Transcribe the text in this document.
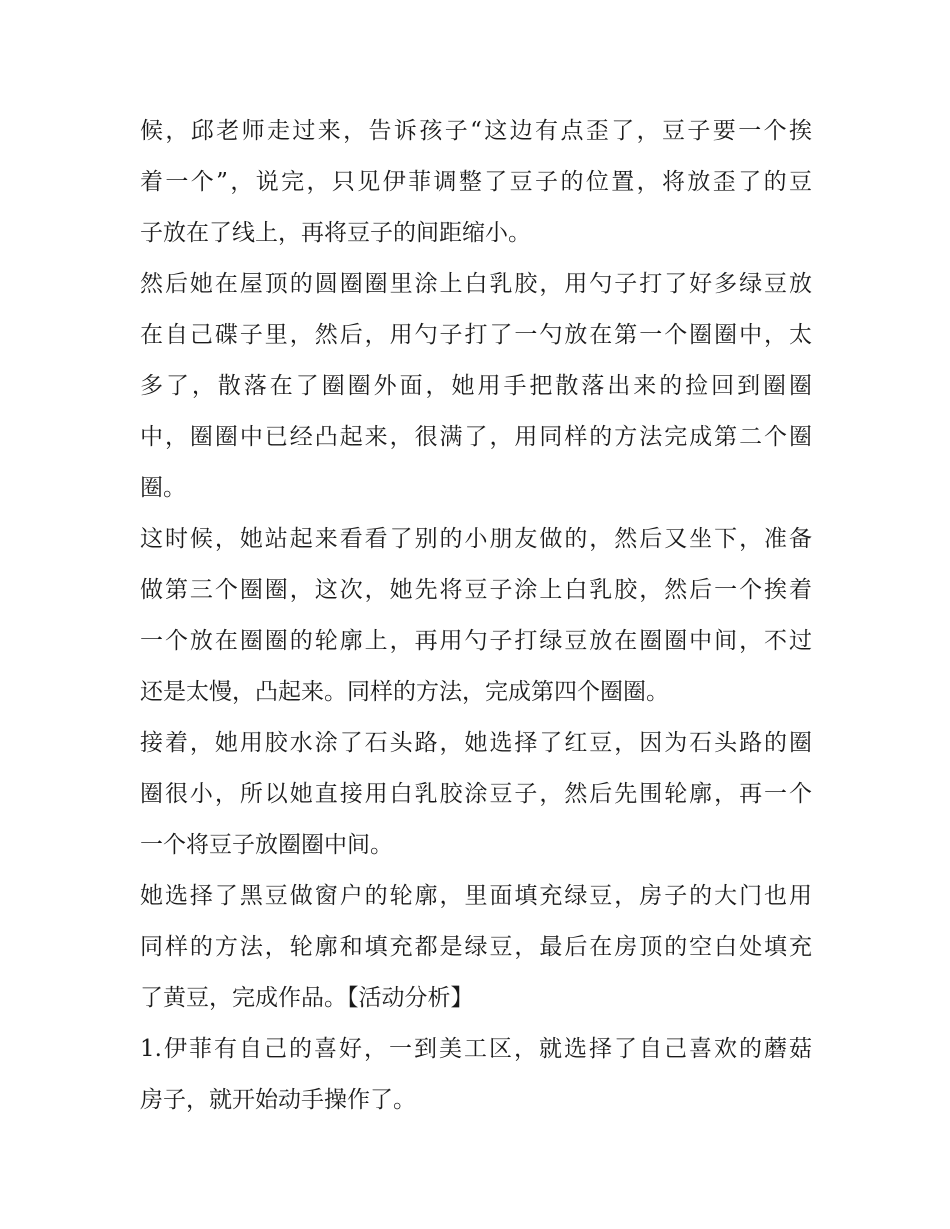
候，邱老师走过来，告诉孩子“这边有点歪了，豆子要一个挨
着一个”，说完，只见伊菲调整了豆子的位置，将放歪了的豆
子放在了线上，再将豆子的间距缩小。
然后她在屋顶的圆圈圈里涂上白乳胶，用勺子打了好多绿豆放
在自己碟子里，然后，用勺子打了一勺放在第一个圈圈中，太
多了，散落在了圈圈外面，她用手把散落出来的捡回到圈圈
中，圈圈中已经凸起来，很满了，用同样的方法完成第二个圈
圈。
这时候，她站起来看看了别的小朋友做的，然后又坐下，准备
做第三个圈圈，这次，她先将豆子涂上白乳胶，然后一个挨着
一个放在圈圈的轮廓上，再用勺子打绿豆放在圈圈中间，不过
还是太慢，凸起来。同样的方法，完成第四个圈圈。
接着，她用胶水涂了石头路，她选择了红豆，因为石头路的圈
圈很小，所以她直接用白乳胶涂豆子，然后先围轮廓，再一个
一个将豆子放圈圈中间。
她选择了黑豆做窗户的轮廓，里面填充绿豆，房子的大门也用
同样的方法，轮廓和填充都是绿豆，最后在房顶的空白处填充
了黄豆，完成作品。【活动分析】
1.伊菲有自己的喜好，一到美工区，就选择了自己喜欢的蘑菇
房子，就开始动手操作了。
